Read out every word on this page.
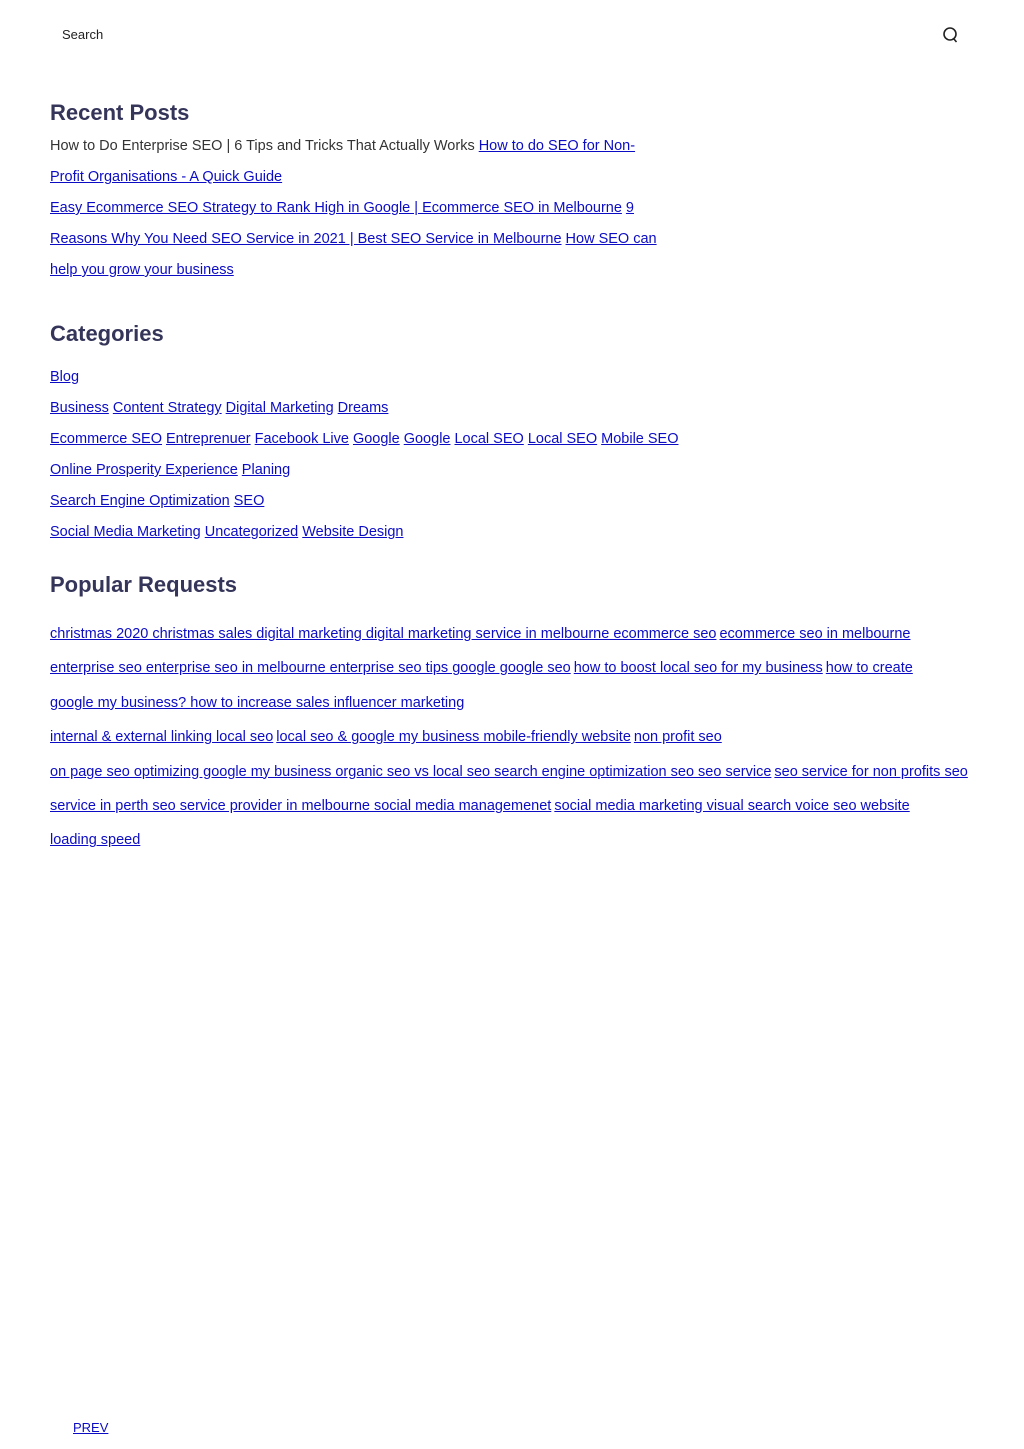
Search
Recent Posts
How to Do Enterprise SEO | 6 Tips and Tricks That Actually Works How to do SEO for Non-
Profit Organisations - A Quick Guide
Easy Ecommerce SEO Strategy to Rank High in Google | Ecommerce SEO in Melbourne 9
Reasons Why You Need SEO Service in 2021 | Best SEO Service in Melbourne How SEO can
help you grow your business
Categories
Blog
Business Content Strategy Digital Marketing Dreams
Ecommerce SEO Entreprenuer Facebook Live Google Google Local SEO Local SEO Mobile SEO
Online Prosperity Experience Planing
Search Engine Optimization SEO
Social Media Marketing Uncategorized Website Design
Popular Requests
christmas 2020 christmas sales digital marketing digital marketing service in melbourne ecommerce seo ecommerce seo in melbourne
enterprise seo enterprise seo in melbourne enterprise seo tips google google seo how to boost local seo for my business how to create
google my business? how to increase sales influencer marketing
internal & external linking local seo local seo & google my business mobile-friendly website non profit seo
on page seo optimizing google my business organic seo vs local seo search engine optimization seo seo service seo service for non profits seo
service in perth seo service provider in melbourne social media managemenet social media marketing visual search voice seo website
loading speed
PREV
